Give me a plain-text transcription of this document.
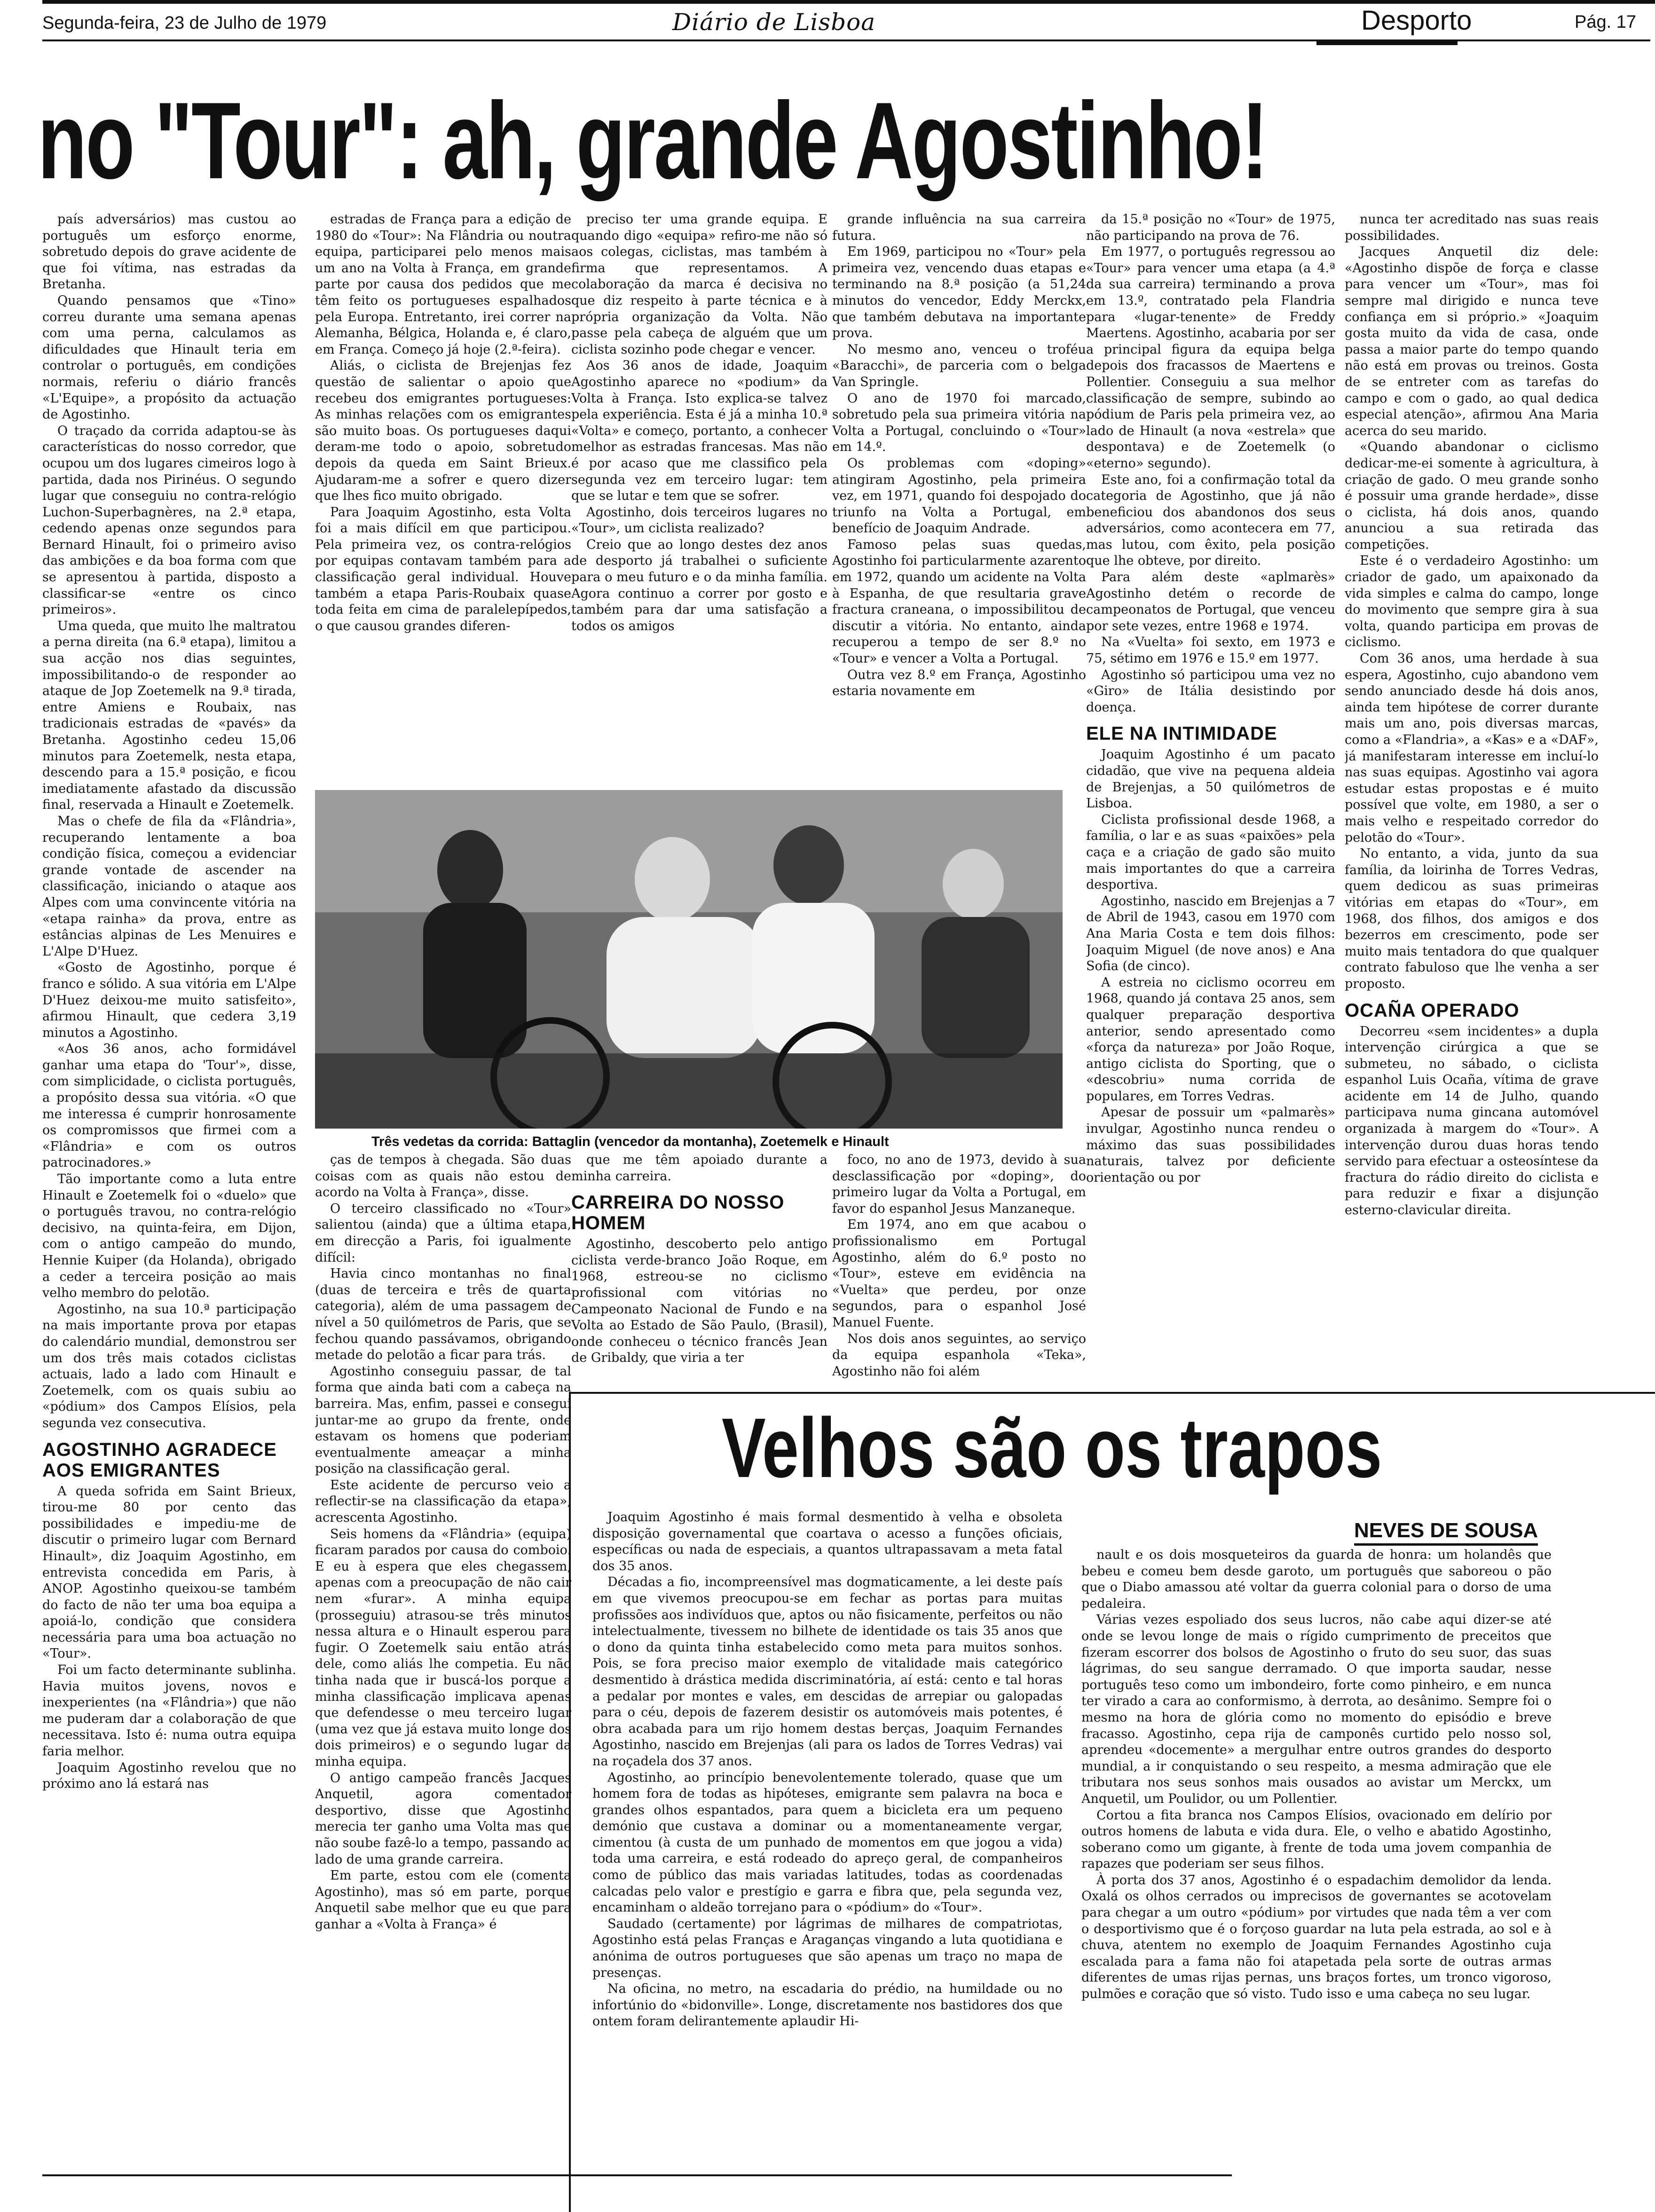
Segunda-feira, 23 de Julho de 1979	Diário de Lisboa	Desporto	Pág. 17
no "Tour": ah, grande Agostinho!

país adversários) mas custou ao português um esforço enorme, sobretudo depois do grave acidente de que foi vítima, nas estradas da Bretanha.

Quando pensamos que «Tino» correu durante uma semana apenas com uma perna, calculamos as dificuldades que Hinault teria em controlar o português, em condições normais, referiu o diário francês «L'Equipe», a propósito da actuação de Agostinho.

O traçado da corrida adaptou-se às características do nosso corredor, que ocupou um dos lugares cimeiros logo à partida, dada nos Pirinéus. O segundo lugar que conseguiu no contra-relógio Luchon-Superbagnères, na 2.ª etapa, cedendo apenas onze segundos para Bernard Hinault, foi o primeiro aviso das ambições e da boa forma com que se apresentou à partida, disposto a classificar-se «entre os cinco primeiros».

Uma queda, que muito lhe maltratou a perna direita (na 6.ª etapa), limitou a sua acção nos dias seguintes, impossibilitando-o de responder ao ataque de Jop Zoetemelk na 9.ª tirada, entre Amiens e Roubaix, nas tradicionais estradas de «pavés» da Bretanha. Agostinho cedeu 15,06 minutos para Zoetemelk, nesta etapa, descendo para a 15.ª posição, e ficou imediatamente afastado da discussão final, reservada a Hinault e Zoetemelk.

Mas o chefe de fila da «Flândria», recuperando lentamente a boa condição física, começou a evidenciar grande vontade de ascender na classificação, iniciando o ataque aos Alpes com uma convincente vitória na «etapa rainha» da prova, entre as estâncias alpinas de Les Menuires e L'Alpe D'Huez.

«Gosto de Agostinho, porque é franco e sólido. A sua vitória em L'Alpe D'Huez deixou-me muito satisfeito», afirmou Hinault, que cedera 3,19 minutos a Agostinho.

«Aos 36 anos, acho formidável ganhar uma etapa do 'Tour'», disse, com simplicidade, o ciclista português, a propósito dessa sua vitória. «O que me interessa é cumprir honrosamente os compromissos que firmei com a «Flândria» e com os outros patrocinadores.»

Tão importante como a luta entre Hinault e Zoetemelk foi o «duelo» que o português travou, no contra-relógio decisivo, na quinta-feira, em Dijon, com o antigo campeão do mundo, Hennie Kuiper (da Holanda), obrigado a ceder a terceira posição ao mais velho membro do pelotão.

Agostinho, na sua 10.ª participação na mais importante prova por etapas do calendário mundial, demonstrou ser um dos três mais cotados ciclistas actuais, lado a lado com Hinault e Zoetemelk, com os quais subiu ao «pódium» dos Campos Elísios, pela segunda vez consecutiva.

AGOSTINHO AGRADECE AOS EMIGRANTES

A queda sofrida em Saint Brieux, tirou-me 80 por cento das possibilidades e impediu-me de discutir o primeiro lugar com Bernard Hinault», diz Joaquim Agostinho, em entrevista concedida em Paris, à ANOP. Agostinho queixou-se também do facto de não ter uma boa equipa a apoiá-lo, condição que considera necessária para uma boa actuação no «Tour».

Foi um facto determinante sublinha. Havia muitos jovens, novos e inexperientes (na «Flândria») que não me puderam dar a colaboração de que necessitava. Isto é: numa outra equipa faria melhor.

Joaquim Agostinho revelou que no próximo ano lá estará nas

estradas de França para a edição de 1980 do «Tour»: Na Flândria ou noutra equipa, participarei pelo menos mais um ano na Volta à França, em grande parte por causa dos pedidos que me têm feito os portugueses espalhados pela Europa. Entretanto, irei correr na Alemanha, Bélgica, Holanda e, é claro, em França. Começo já hoje (2.ª-feira).

Aliás, o ciclista de Brejenjas fez questão de salientar o apoio que recebeu dos emigrantes portugueses: As minhas relações com os emigrantes são muito boas. Os portugueses daqui deram-me todo o apoio, sobretudo depois da queda em Saint Brieux. Ajudaram-me a sofrer e quero dizer que lhes fico muito obrigado.

Para Joaquim Agostinho, esta Volta foi a mais difícil em que participou. Pela primeira vez, os contra-relógios por equipas contavam também para a classificação geral individual. Houve também a etapa Paris-Roubaix quase toda feita em cima de paralelepípedos, o que causou grandes diferen-

ças de tempos à chegada. São duas coisas com as quais não estou de acordo na Volta à França», disse.

O terceiro classificado no «Tour» salientou (ainda) que a última etapa, em direcção a Paris, foi igualmente difícil:

Havia cinco montanhas no final (duas de terceira e três de quarta categoria), além de uma passagem de nível a 50 quilómetros de Paris, que se fechou quando passávamos, obrigando metade do pelotão a ficar para trás.

Agostinho conseguiu passar, de tal forma que ainda bati com a cabeça na barreira. Mas, enfim, passei e consegui juntar-me ao grupo da frente, onde estavam os homens que poderiam eventualmente ameaçar a minha posição na classificação geral.

Este acidente de percurso veio a reflectir-se na classificação da etapa», acrescenta Agostinho.

Seis homens da «Flândria» (equipa) ficaram parados por causa do comboio. E eu à espera que eles chegassem, apenas com a preocupação de não cair nem «furar». A minha equipa (prosseguiu) atrasou-se três minutos nessa altura e o Hinault esperou para fugir. O Zoetemelk saiu então atrás dele, como aliás lhe competia. Eu não tinha nada que ir buscá-los porque a minha classificação implicava apenas que defendesse o meu terceiro lugar (uma vez que já estava muito longe dos dois primeiros) e o segundo lugar da minha equipa.

O antigo campeão francês Jacques Anquetil, agora comentador desportivo, disse que Agostinho merecia ter ganho uma Volta mas que não soube fazê-lo a tempo, passando ao lado de uma grande carreira.

Em parte, estou com ele (comenta Agostinho), mas só em parte, porque Anquetil sabe melhor que eu que para ganhar a «Volta à França» é

preciso ter uma grande equipa. E quando digo «equipa» refiro-me não só aos colegas, ciclistas, mas também à firma que representamos. A colaboração da marca é decisiva no que diz respeito à parte técnica e à própria organização da Volta. Não passe pela cabeça de alguém que um ciclista sozinho pode chegar e vencer.

Aos 36 anos de idade, Joaquim Agostinho aparece no «podium» da Volta à França. Isto explica-se talvez pela experiência. Esta é já a minha 10.ª «Volta» e começo, portanto, a conhecer melhor as estradas francesas. Mas não é por acaso que me classifico pela segunda vez em terceiro lugar: tem que se lutar e tem que se sofrer.

Agostinho, dois terceiros lugares no «Tour», um ciclista realizado?

Creio que ao longo destes dez anos de desporto já trabalhei o suficiente para o meu futuro e o da minha família. Agora continuo a correr por gosto e também para dar uma satisfação a todos os amigos

que me têm apoiado durante a minha carreira.

CARREIRA DO NOSSO HOMEM

Agostinho, descoberto pelo antigo ciclista verde-branco João Roque, em 1968, estreou-se no ciclismo profissional com vitórias no Campeonato Nacional de Fundo e na Volta ao Estado de São Paulo, (Brasil), onde conheceu o técnico francês Jean de Gribaldy, que viria a ter

grande influência na sua carreira futura.

Em 1969, participou no «Tour» pela primeira vez, vencendo duas etapas e terminando na 8.ª posição (a 51,24 minutos do vencedor, Eddy Merckx, que também debutava na importante prova.

No mesmo ano, venceu o troféu «Baracchi», de parceria com o belga Van Springle.

O ano de 1970 foi marcado, sobretudo pela sua primeira vitória na Volta a Portugal, concluindo o «Tour» em 14.º.

Os problemas com «doping» atingiram Agostinho, pela primeira vez, em 1971, quando foi despojado do triunfo na Volta a Portugal, em benefício de Joaquim Andrade.

Famoso pelas suas quedas, Agostinho foi particularmente azarento em 1972, quando um acidente na Volta à Espanha, de que resultaria grave fractura craneana, o impossibilitou de discutir a vitória. No entanto, ainda recuperou a tempo de ser 8.º no «Tour» e vencer a Volta a Portugal.

Outra vez 8.º em França, Agostinho estaria novamente em

foco, no ano de 1973, devido à sua desclassificação por «doping», do primeiro lugar da Volta a Portugal, em favor do espanhol Jesus Manzaneque.

Em 1974, ano em que acabou o profissionalismo em Portugal Agostinho, além do 6.º posto no «Tour», esteve em evidência na «Vuelta» que perdeu, por onze segundos, para o espanhol José Manuel Fuente.

Nos dois anos seguintes, ao serviço da equipa espanhola «Teka», Agostinho não foi além

da 15.ª posição no «Tour» de 1975, não participando na prova de 76.

Em 1977, o português regressou ao «Tour» para vencer uma etapa (a 4.ª da sua carreira) terminando a prova em 13.º, contratado pela Flandria para «lugar-tenente» de Freddy Maertens. Agostinho, acabaria por ser a principal figura da equipa belga depois dos fracassos de Maertens e Pollentier. Conseguiu a sua melhor classificação de sempre, subindo ao pódium de Paris pela primeira vez, ao lado de Hinault (a nova «estrela» que despontava) e de Zoetemelk (o «eterno» segundo).

Este ano, foi a confirmação total da categoria de Agostinho, que já não beneficiou dos abandonos dos seus adversários, como acontecera em 77, mas lutou, com êxito, pela posição que lhe obteve, por direito.

Para além deste «aplmarès» Agostinho detém o recorde de campeonatos de Portugal, que venceu por sete vezes, entre 1968 e 1974.

Na «Vuelta» foi sexto, em 1973 e 75, sétimo em 1976 e 15.º em 1977.

Agostinho só participou uma vez no «Giro» de Itália desistindo por doença.

ELE NA INTIMIDADE

Joaquim Agostinho é um pacato cidadão, que vive na pequena aldeia de Brejenjas, a 50 quilómetros de Lisboa.

Ciclista profissional desde 1968, a família, o lar e as suas «paixões» pela caça e a criação de gado são muito mais importantes do que a carreira desportiva.

Agostinho, nascido em Brejenjas a 7 de Abril de 1943, casou em 1970 com Ana Maria Costa e tem dois filhos: Joaquim Miguel (de nove anos) e Ana Sofia (de cinco).

A estreia no ciclismo ocorreu em 1968, quando já contava 25 anos, sem qualquer preparação desportiva anterior, sendo apresentado como «força da natureza» por João Roque, antigo ciclista do Sporting, que o «descobriu» numa corrida de populares, em Torres Vedras.

Apesar de possuir um «palmarès» invulgar, Agostinho nunca rendeu o máximo das suas possibilidades naturais, talvez por deficiente orientação ou por

nunca ter acreditado nas suas reais possibilidades.

Jacques Anquetil diz dele: «Agostinho dispõe de força e classe para vencer um «Tour», mas foi sempre mal dirigido e nunca teve confiança em si próprio.» «Joaquim gosta muito da vida de casa, onde passa a maior parte do tempo quando não está em provas ou treinos. Gosta de se entreter com as tarefas do campo e com o gado, ao qual dedica especial atenção», afirmou Ana Maria acerca do seu marido.

«Quando abandonar o ciclismo dedicar-me-ei somente à agricultura, à criação de gado. O meu grande sonho é possuir uma grande herdade», disse o ciclista, há dois anos, quando anunciou a sua retirada das competições.

Este é o verdadeiro Agostinho: um criador de gado, um apaixonado da vida simples e calma do campo, longe do movimento que sempre gira à sua volta, quando participa em provas de ciclismo.

Com 36 anos, uma herdade à sua espera, Agostinho, cujo abandono vem sendo anunciado desde há dois anos, ainda tem hipótese de correr durante mais um ano, pois diversas marcas, como a «Flandria», a «Kas» e a «DAF», já manifestaram interesse em incluí-lo nas suas equipas. Agostinho vai agora estudar estas propostas e é muito possível que volte, em 1980, a ser o mais velho e respeitado corredor do pelotão do «Tour».

No entanto, a vida, junto da sua família, da loirinha de Torres Vedras, quem dedicou as suas primeiras vitórias em etapas do «Tour», em 1968, dos filhos, dos amigos e dos bezerros em crescimento, pode ser muito mais tentadora do que qualquer contrato fabuloso que lhe venha a ser proposto.

OCAÑA OPERADO

Decorreu «sem incidentes» a dupla intervenção cirúrgica a que se submeteu, no sábado, o ciclista espanhol Luis Ocaña, vítima de grave acidente em 14 de Julho, quando participava numa gincana automóvel organizada à margem do «Tour». A intervenção durou duas horas tendo servido para efectuar a osteosíntese da fractura do rádio direito do ciclista e para reduzir e fixar a disjunção esterno-clavicular direita.

Três vedetas da corrida: Battaglin (vencedor da montanha), Zoetemelk e Hinault
Velhos são os trapos
NEVES DE SOUSA

Joaquim Agostinho é mais formal desmentido à velha e obsoleta disposição governamental que coartava o acesso a funções oficiais, específicas ou nada de especiais, a quantos ultrapassavam a meta fatal dos 35 anos.

Décadas a fio, incompreensível mas dogmaticamente, a lei deste país em que vivemos preocupou-se em fechar as portas para muitas profissões aos indivíduos que, aptos ou não fisicamente, perfeitos ou não intelectualmente, tivessem no bilhete de identidade os tais 35 anos que o dono da quinta tinha estabelecido como meta para muitos sonhos. Pois, se fora preciso maior exemplo de vitalidade mais categórico desmentido à drástica medida discriminatória, aí está: cento e tal horas a pedalar por montes e vales, em descidas de arrepiar ou galopadas para o céu, depois de fazerem desistir os automóveis mais potentes, é obra acabada para um rijo homem destas berças, Joaquim Fernandes Agostinho, nascido em Brejenjas (ali para os lados de Torres Vedras) vai na roçadela dos 37 anos.

Agostinho, ao princípio benevolentemente tolerado, quase que um homem fora de todas as hipóteses, emigrante sem palavra na boca e grandes olhos espantados, para quem a bicicleta era um pequeno demónio que custava a dominar ou a momentaneamente vergar, cimentou (à custa de um punhado de momentos em que jogou a vida) toda uma carreira, e está rodeado do apreço geral, de companheiros como de público das mais variadas latitudes, todas as coordenadas calcadas pelo valor e prestígio e garra e fibra que, pela segunda vez, encaminham o aldeão torrejano para o «pódium» do «Tour».

Saudado (certamente) por lágrimas de milhares de compatriotas, Agostinho está pelas Franças e Araganças vingando a luta quotidiana e anónima de outros portugueses que são apenas um traço no mapa de presenças.

Na oficina, no metro, na escadaria do prédio, na humildade ou no infortúnio do «bidonville». Longe, discretamente nos bastidores dos que ontem foram delirantemente aplaudir Hi-

nault e os dois mosqueteiros da guarda de honra: um holandês que bebeu e comeu bem desde garoto, um português que saboreou o pão que o Diabo amassou até voltar da guerra colonial para o dorso de uma pedaleira.

Várias vezes espoliado dos seus lucros, não cabe aqui dizer-se até onde se levou longe de mais o rígido cumprimento de preceitos que fizeram escorrer dos bolsos de Agostinho o fruto do seu suor, das suas lágrimas, do seu sangue derramado. O que importa saudar, nesse português teso como um imbondeiro, forte como pinheiro, e em nunca ter virado a cara ao conformismo, à derrota, ao desânimo. Sempre foi o mesmo na hora de glória como no momento do episódio e breve fracasso. Agostinho, cepa rija de camponês curtido pelo nosso sol, aprendeu «docemente» a mergulhar entre outros grandes do desporto mundial, a ir conquistando o seu respeito, a mesma admiração que ele tributara nos seus sonhos mais ousados ao avistar um Merckx, um Anquetil, um Poulidor, ou um Pollentier.

Cortou a fita branca nos Campos Elísios, ovacionado em delírio por outros homens de labuta e vida dura. Ele, o velho e abatido Agostinho, soberano como um gigante, à frente de toda uma jovem companhia de rapazes que poderiam ser seus filhos.

À porta dos 37 anos, Agostinho é o espadachim demolidor da lenda. Oxalá os olhos cerrados ou imprecisos de governantes se acotovelam para chegar a um outro «pódium» por virtudes que nada têm a ver com o desportivismo que é o forçoso guardar na luta pela estrada, ao sol e à chuva, atentem no exemplo de Joaquim Fernandes Agostinho cuja escalada para a fama não foi atapetada pela sorte de outras armas diferentes de umas rijas pernas, uns braços fortes, um tronco vigoroso, pulmões e coração que só visto. Tudo isso e uma cabeça no seu lugar.
